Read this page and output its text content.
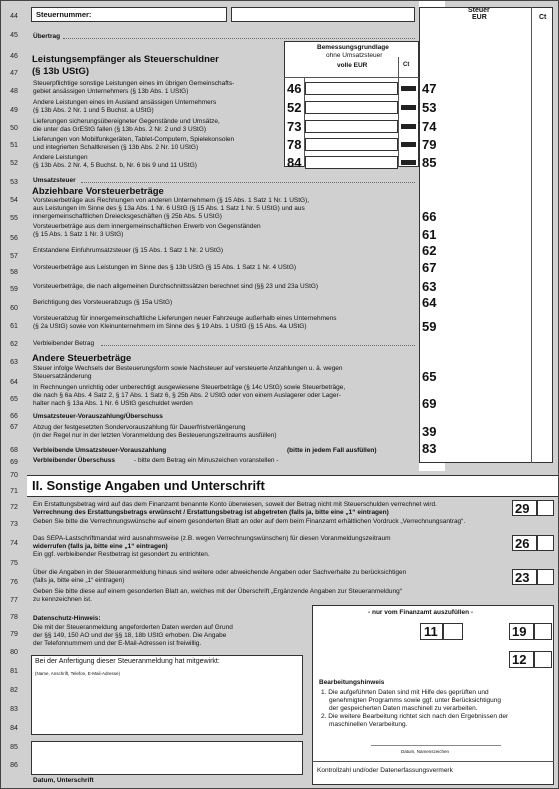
Steuer
EUR	Ct
Steuernummer:
44
45
46
47
48
49
50
51
52
53
54
55
56
57
58
59
60
61
62
63
64
65
66
67
68
69
70
71
72
73
74
75
76
77
78
79
80
81
82
83
84
85
86
Übertrag
Leistungsempfänger als Steuerschuldner
(§ 13b UStG)
Bemessungsgrundlage
ohne Umsatzsteuer
volle EUR	Ct
Steuerpflichtige sonstige Leistungen eines im übrigen Gemeinschafts-
gebiet ansässigen Unternehmers (§ 13b Abs. 1 UStG)	46	47
Andere Leistungen eines im Ausland ansässigen Unternehmers
(§ 13b Abs. 2 Nr. 1 und 5 Buchst. a UStG)	52	53
Lieferungen sicherungsübereigneter Gegenstände und Umsätze,
die unter das GrEStG fallen (§ 13b Abs. 2 Nr. 2 und 3 UStG)	73	74
Lieferungen von Mobilfunkgeräten, Tablet-Computern, Spielekonsolen
und integrierten Schaltkreisen (§ 13b Abs. 2 Nr. 10 UStG)	78	79
Andere Leistungen
(§ 13b Abs. 2 Nr. 4, 5 Buchst. b, Nr. 6 bis 9 und 11 UStG)	84	85
Umsatzsteuer
Abziehbare Vorsteuerbeträge
Vorsteuerbeträge aus Rechnungen von anderen Unternehmern (§ 15 Abs. 1 Satz 1 Nr. 1 UStG),
aus Leistungen im Sinne des § 13a Abs. 1 Nr. 6 UStG (§ 15 Abs. 1 Satz 1 Nr. 5 UStG) und aus
innergemeinschaftlichen Dreiecksgeschäften (§ 25b Abs. 5 UStG)	66
Vorsteuerbeträge aus dem innergemeinschaftlichen Erwerb von Gegenständen
(§ 15 Abs. 1 Satz 1 Nr. 3 UStG)	61
Entstandene Einfuhrumsatzsteuer (§ 15 Abs. 1 Satz 1 Nr. 2 UStG)	62
Vorsteuerbeträge aus Leistungen im Sinne des § 13b UStG (§ 15 Abs. 1 Satz 1 Nr. 4 UStG)	67
Vorsteuerbeträge, die nach allgemeinen Durchschnittssätzen berechnet sind (§§ 23 und 23a UStG)	63
Berichtigung des Vorsteuerabzugs (§ 15a UStG)	64
Vorsteuerabzug für innergemeinschaftliche Lieferungen neuer Fahrzeuge außerhalb eines Unternehmens
(§ 2a UStG) sowie von Kleinunternehmern im Sinne des § 19 Abs. 1 UStG (§ 15 Abs. 4a UStG)	59
Verbleibender Betrag
Andere Steuerbeträge
Steuer infolge Wechsels der Besteuerungsform sowie Nachsteuer auf versteuerte Anzahlungen u. ä. wegen
Steuersatzänderung	65
In Rechnungen unrichtig oder unberechtigt ausgewiesene Steuerbeträge (§ 14c UStG) sowie Steuerbeträge,
die nach § 6a Abs. 4 Satz 2, § 17 Abs. 1 Satz 6, § 25b Abs. 2 UStG oder von einem Auslagerer oder Lager-
halter nach § 13a Abs. 1 Nr. 6 UStG geschuldet werden	69
Umsatzsteuer-Vorauszahlung/Überschuss
Abzug der festgesetzten Sondervorauszahlung für Dauerfristverlängerung
(in der Regel nur in der letzten Voranmeldung des Besteuerungszeitraums ausfüllen)	39
Verbleibende Umsatzsteuer-Vorauszahlung	(bitte in jedem Fall ausfüllen)	83
Verbleibender Überschuss	- bitte dem Betrag ein Minuszeichen voranstellen -
II. Sonstige Angaben und Unterschrift
Ein Erstattungsbetrag wird auf das dem Finanzamt benannte Konto überwiesen, soweit der Betrag nicht mit Steuerschulden verrechnet wird.
Verrechnung des Erstattungsbetrags erwünscht / Erstattungsbetrag ist abgetreten (falls ja, bitte eine „1“ eintragen)
Geben Sie bitte die Verrechnungswünsche auf einem gesonderten Blatt an oder auf dem beim Finanzamt erhältlichen Vordruck „Verrechnungsantrag“.
29
Das SEPA-Lastschriftmandat wird ausnahmsweise (z.B. wegen Verrechnungswünschen) für diesen Voranmeldungszeitraum
widerrufen (falls ja, bitte eine „1“ eintragen)
Ein ggf. verbleibender Restbetrag ist gesondert zu entrichten.
26
Über die Angaben in der Steueranmeldung hinaus sind weitere oder abweichende Angaben oder Sachverhalte zu berücksichtigen
(falls ja, bitte eine „1“ eintragen)
Geben Sie bitte diese auf einem gesonderten Blatt an, welches mit der Überschrift „Ergänzende Angaben zur Steueranmeldung“
zu kennzeichnen ist.
23
Datenschutz-Hinweis:
Die mit der Steueranmeldung angeforderten Daten werden auf Grund
der §§ 149, 150 AO und der §§ 18, 18b UStG erhoben. Die Angabe
der Telefonnummern und der E-Mail-Adressen ist freiwillig.
Bei der Anfertigung dieser Steueranmeldung hat mitgewirkt:
(Name, Anschrift, Telefon, E-Mail-Adresse)
Datum, Unterschrift
- nur vom Finanzamt auszufüllen -
11	19
12
Bearbeitungshinweis
1. Die aufgeführten Daten sind mit Hilfe des geprüften und
genehmigten Programms sowie ggf. unter Berücksichtigung
der gespeicherten Daten maschinell zu verarbeiten.
2. Die weitere Bearbeitung richtet sich nach den Ergebnissen der
maschinellen Verarbeitung.
Datum, Namenszeichen
Kontrollzahl und/oder Datenerfassungsvermerk
